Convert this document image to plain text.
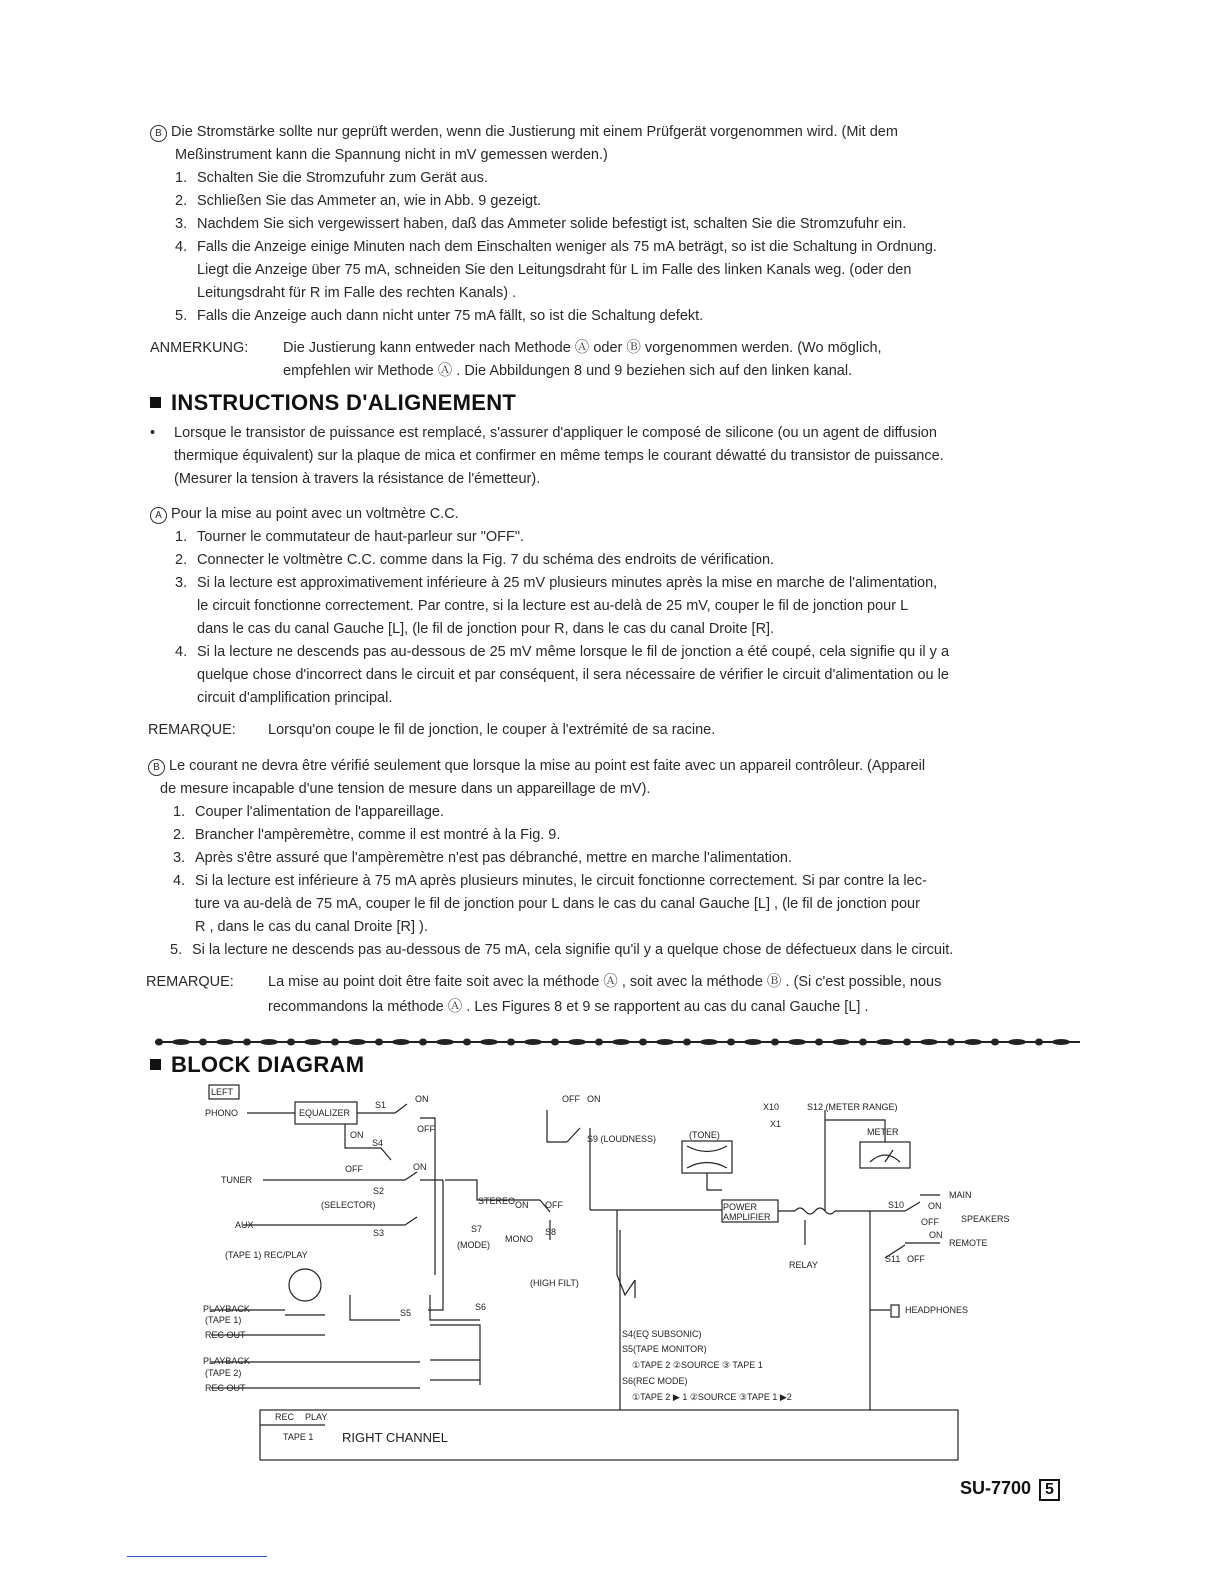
B Die Stromstärke sollte nur geprüft werden, wenn die Justierung mit einem Prüfgerät vorgenommen wird. (Mit dem
Meßinstrument kann die Spannung nicht in mV gemessen werden.)
1. Schalten Sie die Stromzufuhr zum Gerät aus.
2. Schließen Sie das Ammeter an, wie in Abb. 9 gezeigt.
3. Nachdem Sie sich vergewissert haben, daß das Ammeter solide befestigt ist, schalten Sie die Stromzufuhr ein.
4. Falls die Anzeige einige Minuten nach dem Einschalten weniger als 75 mA beträgt, so ist die Schaltung in Ordnung.
Liegt die Anzeige über 75 mA, schneiden Sie den Leitungsdraht für L im Falle des linken Kanals weg. (oder den
Leitungsdraht für R im Falle des rechten Kanals) .
5. Falls die Anzeige auch dann nicht unter 75 mA fällt, so ist die Schaltung defekt.
ANMERKUNG: Die Justierung kann entweder nach Methode Ⓐ oder Ⓑ vorgenommen werden. (Wo möglich,
empfehlen wir Methode Ⓐ . Die Abbildungen 8 und 9 beziehen sich auf den linken kanal.
INSTRUCTIONS D'ALIGNEMENT
• Lorsque le transistor de puissance est remplacé, s'assurer d'appliquer le composé de silicone (ou un agent de diffusion
thermique équivalent) sur la plaque de mica et confirmer en même temps le courant déwatté du transistor de puissance.
(Mesurer la tension à travers la résistance de l'émetteur).
A Pour la mise au point avec un voltmètre C.C.
1. Tourner le commutateur de haut-parleur sur "OFF".
2. Connecter le voltmètre C.C. comme dans la Fig. 7 du schéma des endroits de vérification.
3. Si la lecture est approximativement inférieure à 25 mV plusieurs minutes après la mise en marche de l'alimentation,
le circuit fonctionne correctement. Par contre, si la lecture est au-delà de 25 mV, couper le fil de jonction pour L
dans le cas du canal Gauche [L], (le fil de jonction pour R, dans le cas du canal Droite [R].
4. Si la lecture ne descends pas au-dessous de 25 mV même lorsque le fil de jonction a été coupé, cela signifie qu il y a
quelque chose d'incorrect dans le circuit et par conséquent, il sera nécessaire de vérifier le circuit d'alimentation ou le
circuit d'amplification principal.
REMARQUE: Lorsqu'on coupe le fil de jonction, le couper à l'extrémité de sa racine.
B Le courant ne devra être vérifié seulement que lorsque la mise au point est faite avec un appareil contrôleur. (Appareil
de mesure incapable d'une tension de mesure dans un appareillage de mV).
1. Couper l'alimentation de l'appareillage.
2. Brancher l'ampèremètre, comme il est montré à la Fig. 9.
3. Après s'être assuré que l'ampèremètre n'est pas débranché, mettre en marche l'alimentation.
4. Si la lecture est inférieure à 75 mA après plusieurs minutes, le circuit fonctionne correctement. Si par contre la lec-
ture va au-delà de 75 mA, couper le fil de jonction pour L dans le cas du canal Gauche [L] , (le fil de jonction pour
R , dans le cas du canal Droite [R] ).
5. Si la lecture ne descends pas au-dessous de 75 mA, cela signifie qu'il y a quelque chose de défectueux dans le circuit.
REMARQUE: La mise au point doit être faite soit avec la méthode Ⓐ , soit avec la méthode Ⓑ . (Si c'est possible, nous
recommandons la méthode Ⓐ . Les Figures 8 et 9 se rapportent au cas du canal Gauche [L] .
BLOCK DIAGRAM
LEFT
PHONO	EQUALIZER
S1
ON
OFF
ON
S4
OFF
TUNER
ON
S2
(SELECTOR)
AUX
S3
(TAPE 1) REC/PLAY
PLAYBACK
(TAPE 1)
REC OUT
PLAYBACK
(TAPE 2)
REC OUT
S5
S6
OFF ON
S9 (LOUDNESS)	(TONE)
STEREO ON OFF
MONO
S7	S8
(MODE)
(HIGH FILT)
POWER
AMPLIFIER
RELAY
X10
X1
S12 (METER RANGE)
METER
S10	ON
OFF
S11
ON
OFF
MAIN
SPEAKERS
REMOTE
HEADPHONES
S4(EQ SUBSONIC)
S5(TAPE MONITOR)
①TAPE 2 ②SOURCE ③ TAPE 1
S6(REC MODE)
①TAPE 2 ▶ 1 ②SOURCE ③TAPE 1 ▶2
REC PLAY
TAPE 1 RIGHT CHANNEL
SU-7700 5
